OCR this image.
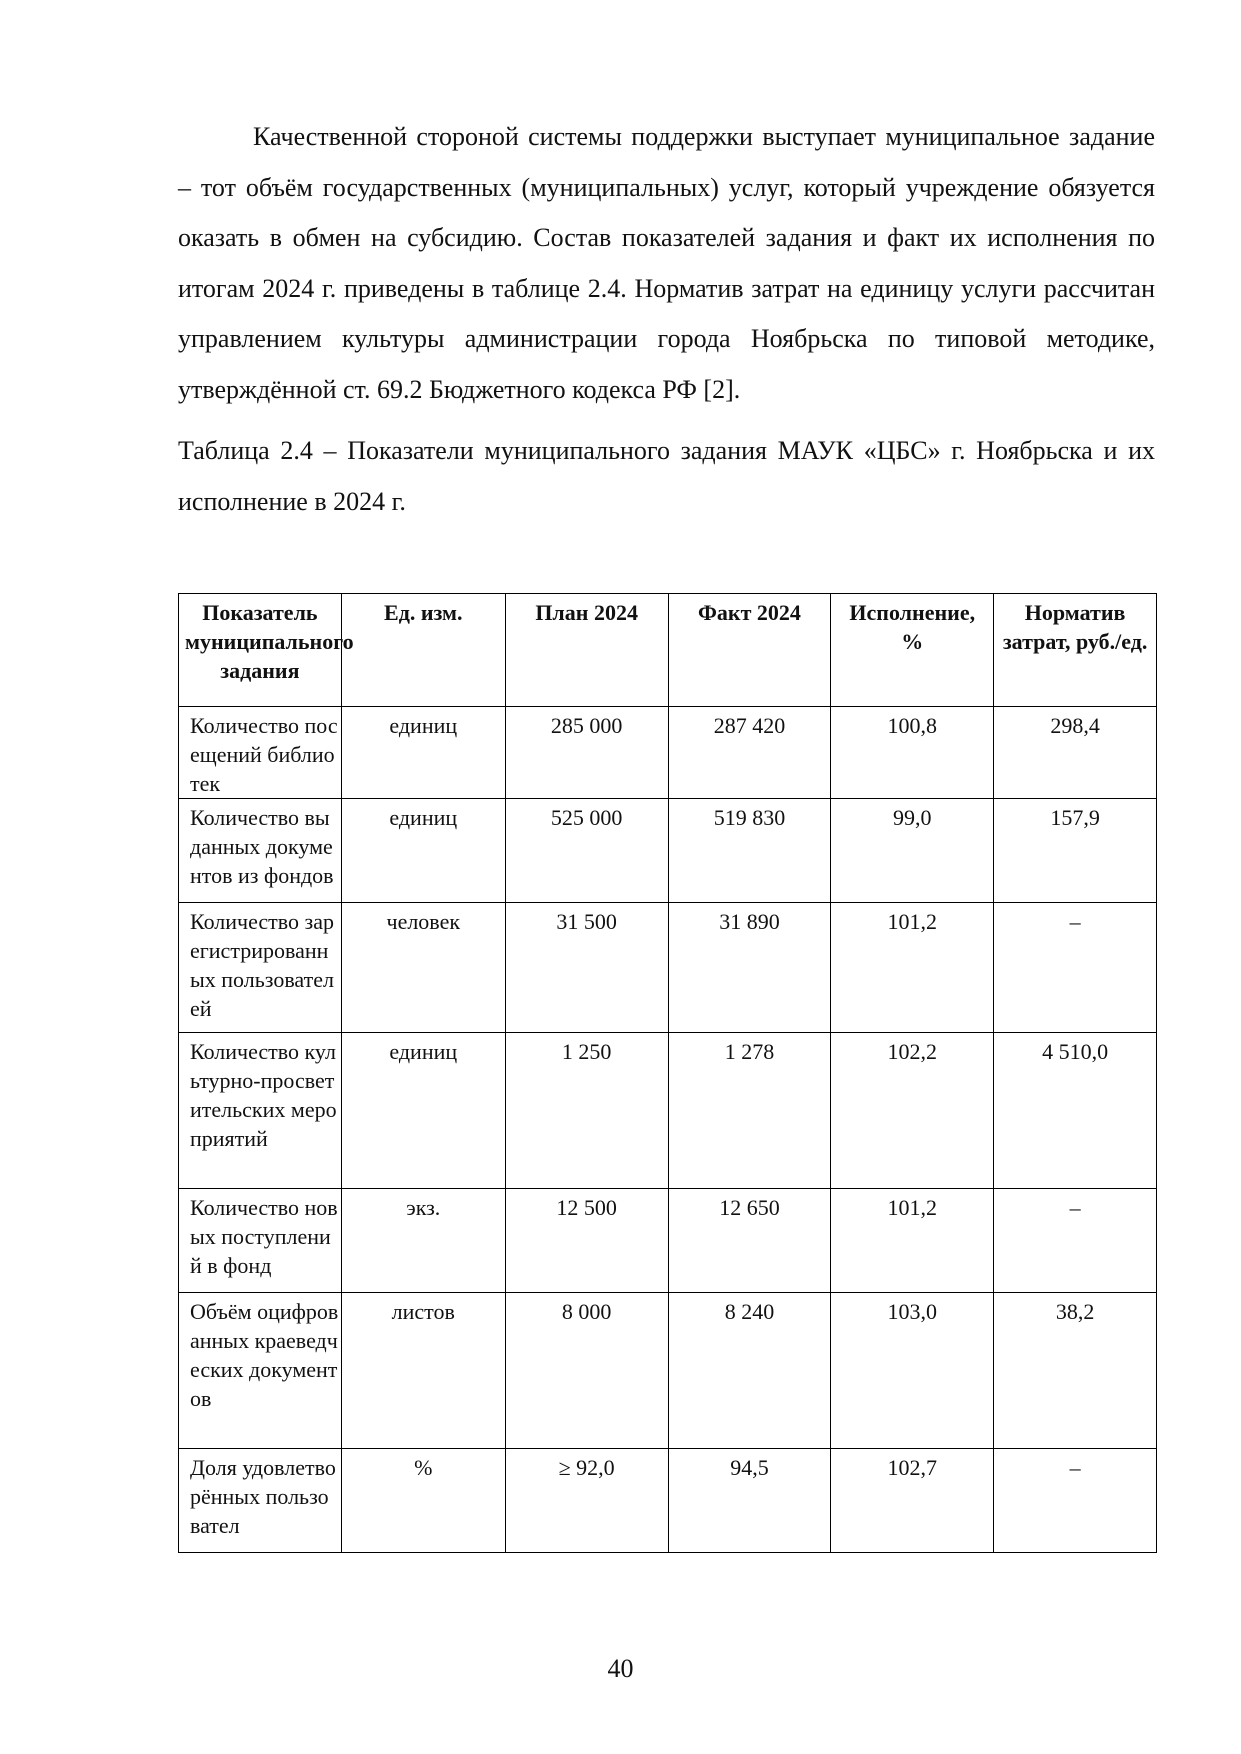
Качественной стороной системы поддержки выступает муниципальное задание – тот объём государственных (муниципальных) услуг, который учреждение обязуется оказать в обмен на субсидию. Состав показателей задания и факт их исполнения по итогам 2024 г. приведены в таблице 2.4. Норматив затрат на единицу услуги рассчитан управлением культуры администрации города Ноябрьска по типовой методике, утверждённой ст. 69.2 Бюджетного кодекса РФ [2].

Таблица 2.4 – Показатели муниципального задания МАУК «ЦБС» г. Ноябрьска и их исполнение в 2024 г.

Показатель муниципального задания	Ед. изм.	План 2024	Факт 2024	Исполнение, %	Норматив затрат, руб./ед.
Количество посещений библиотек	единиц	285 000	287 420	100,8	298,4
Количество выданных документов из фондов	единиц	525 000	519 830	99,0	157,9
Количество зарегистрированных пользователей	человек	31 500	31 890	101,2	–
Количество культурно-просветительских мероприятий	единиц	1 250	1 278	102,2	4 510,0
Количество новых поступлений в фонд	экз.	12 500	12 650	101,2	–
Объём оцифрованных краеведческих документов	листов	8 000	8 240	103,0	38,2
Доля удовлетворённых пользовател	%	≥ 92,0	94,5	102,7	–
40
